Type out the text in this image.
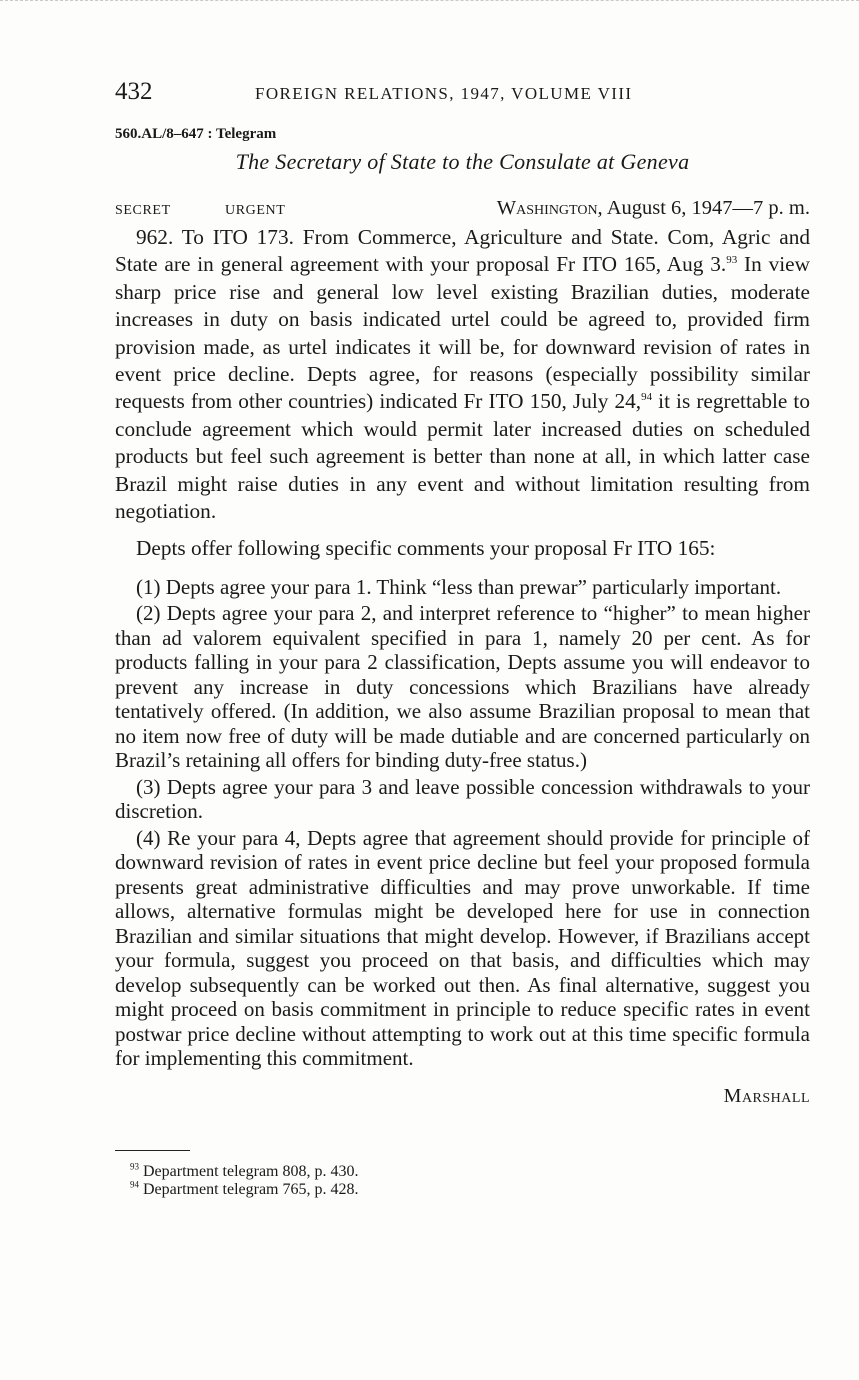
432	FOREIGN RELATIONS, 1947, VOLUME VIII
560.AL/8–647 : Telegram
The Secretary of State to the Consulate at Geneva
SECRET	URGENT	Washington, August 6, 1947—7 p. m.

962. To ITO 173. From Commerce, Agriculture and State. Com, Agric and State are in general agreement with your proposal Fr ITO 165, Aug 3.93 In view sharp price rise and general low level existing Brazilian duties, moderate increases in duty on basis indicated urtel could be agreed to, provided firm provision made, as urtel indicates it will be, for downward revision of rates in event price decline. Depts agree, for reasons (especially possibility similar requests from other countries) indicated Fr ITO 150, July 24,94 it is regrettable to conclude agreement which would permit later increased duties on scheduled products but feel such agreement is better than none at all, in which latter case Brazil might raise duties in any event and without limitation resulting from negotiation.

Depts offer following specific comments your proposal Fr ITO 165:

(1) Depts agree your para 1. Think “less than prewar” particularly important.

(2) Depts agree your para 2, and interpret reference to “higher” to mean higher than ad valorem equivalent specified in para 1, namely 20 per cent. As for products falling in your para 2 classification, Depts assume you will endeavor to prevent any increase in duty concessions which Brazilians have already tentatively offered. (In addition, we also assume Brazilian proposal to mean that no item now free of duty will be made dutiable and are concerned particularly on Brazil’s retaining all offers for binding duty-free status.)

(3) Depts agree your para 3 and leave possible concession withdrawals to your discretion.

(4) Re your para 4, Depts agree that agreement should provide for principle of downward revision of rates in event price decline but feel your proposed formula presents great administrative difficulties and may prove unworkable. If time allows, alternative formulas might be developed here for use in connection Brazilian and similar situations that might develop. However, if Brazilians accept your formula, suggest you proceed on that basis, and difficulties which may develop subsequently can be worked out then. As final alternative, suggest you might proceed on basis commitment in principle to reduce specific rates in event postwar price decline without attempting to work out at this time specific formula for implementing this commitment.

Marshall
$^{93}$ Department telegram 808, p. 430.
$^{94}$ Department telegram 765, p. 428.
